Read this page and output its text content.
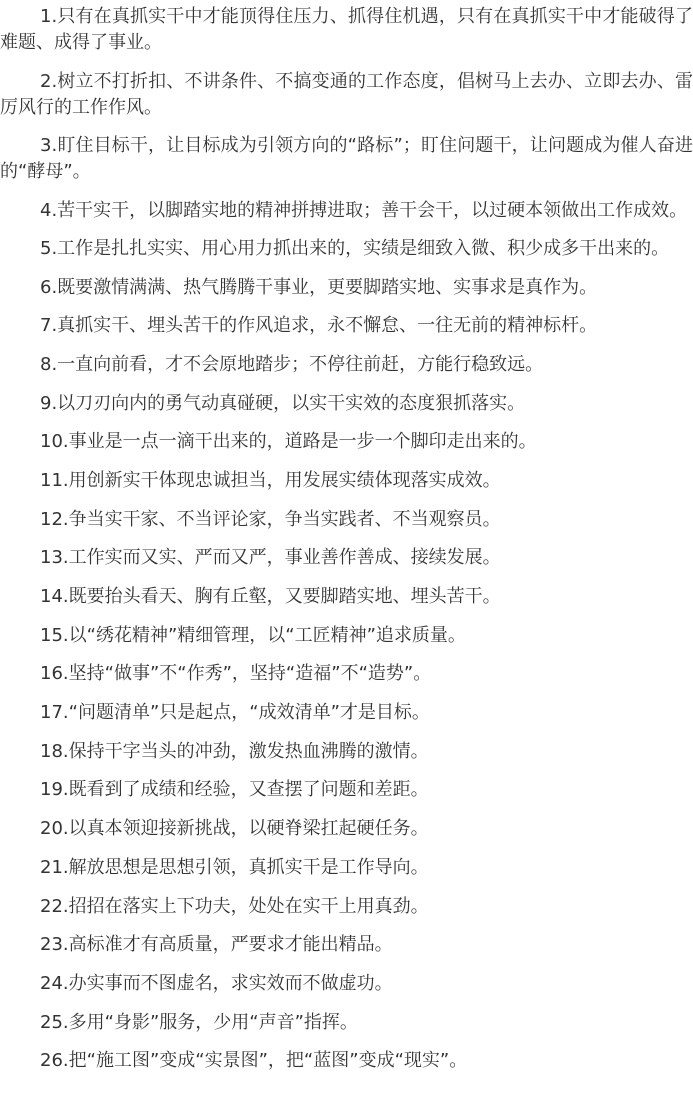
1.只有在真抓实干中才能顶得住压力、抓得住机遇，只有在真抓实干中才能破得了难题、成得了事业。

2.树立不打折扣、不讲条件、不搞变通的工作态度，倡树马上去办、立即去办、雷厉风行的工作作风。

3.盯住目标干，让目标成为引领方向的“路标”；盯住问题干，让问题成为催人奋进的“酵母”。

4.苦干实干，以脚踏实地的精神拼搏进取；善干会干，以过硬本领做出工作成效。

5.工作是扎扎实实、用心用力抓出来的，实绩是细致入微、积少成多干出来的。

6.既要激情满满、热气腾腾干事业，更要脚踏实地、实事求是真作为。

7.真抓实干、埋头苦干的作风追求，永不懈怠、一往无前的精神标杆。

8.一直向前看，才不会原地踏步；不停往前赶，方能行稳致远。

9.以刀刃向内的勇气动真碰硬，以实干实效的态度狠抓落实。

10.事业是一点一滴干出来的，道路是一步一个脚印走出来的。

11.用创新实干体现忠诚担当，用发展实绩体现落实成效。

12.争当实干家、不当评论家，争当实践者、不当观察员。

13.工作实而又实、严而又严，事业善作善成、接续发展。

14.既要抬头看天、胸有丘壑，又要脚踏实地、埋头苦干。

15.以“绣花精神”精细管理，以“工匠精神”追求质量。

16.坚持“做事”不“作秀”，坚持“造福”不“造势”。

17.“问题清单”只是起点，“成效清单”才是目标。

18.保持干字当头的冲劲，激发热血沸腾的激情。

19.既看到了成绩和经验，又查摆了问题和差距。

20.以真本领迎接新挑战，以硬脊梁扛起硬任务。

21.解放思想是思想引领，真抓实干是工作导向。

22.招招在落实上下功夫，处处在实干上用真劲。

23.高标准才有高质量，严要求才能出精品。

24.办实事而不图虚名，求实效而不做虚功。

25.多用“身影”服务，少用“声音”指挥。

26.把“施工图”变成“实景图”，把“蓝图”变成“现实”。
